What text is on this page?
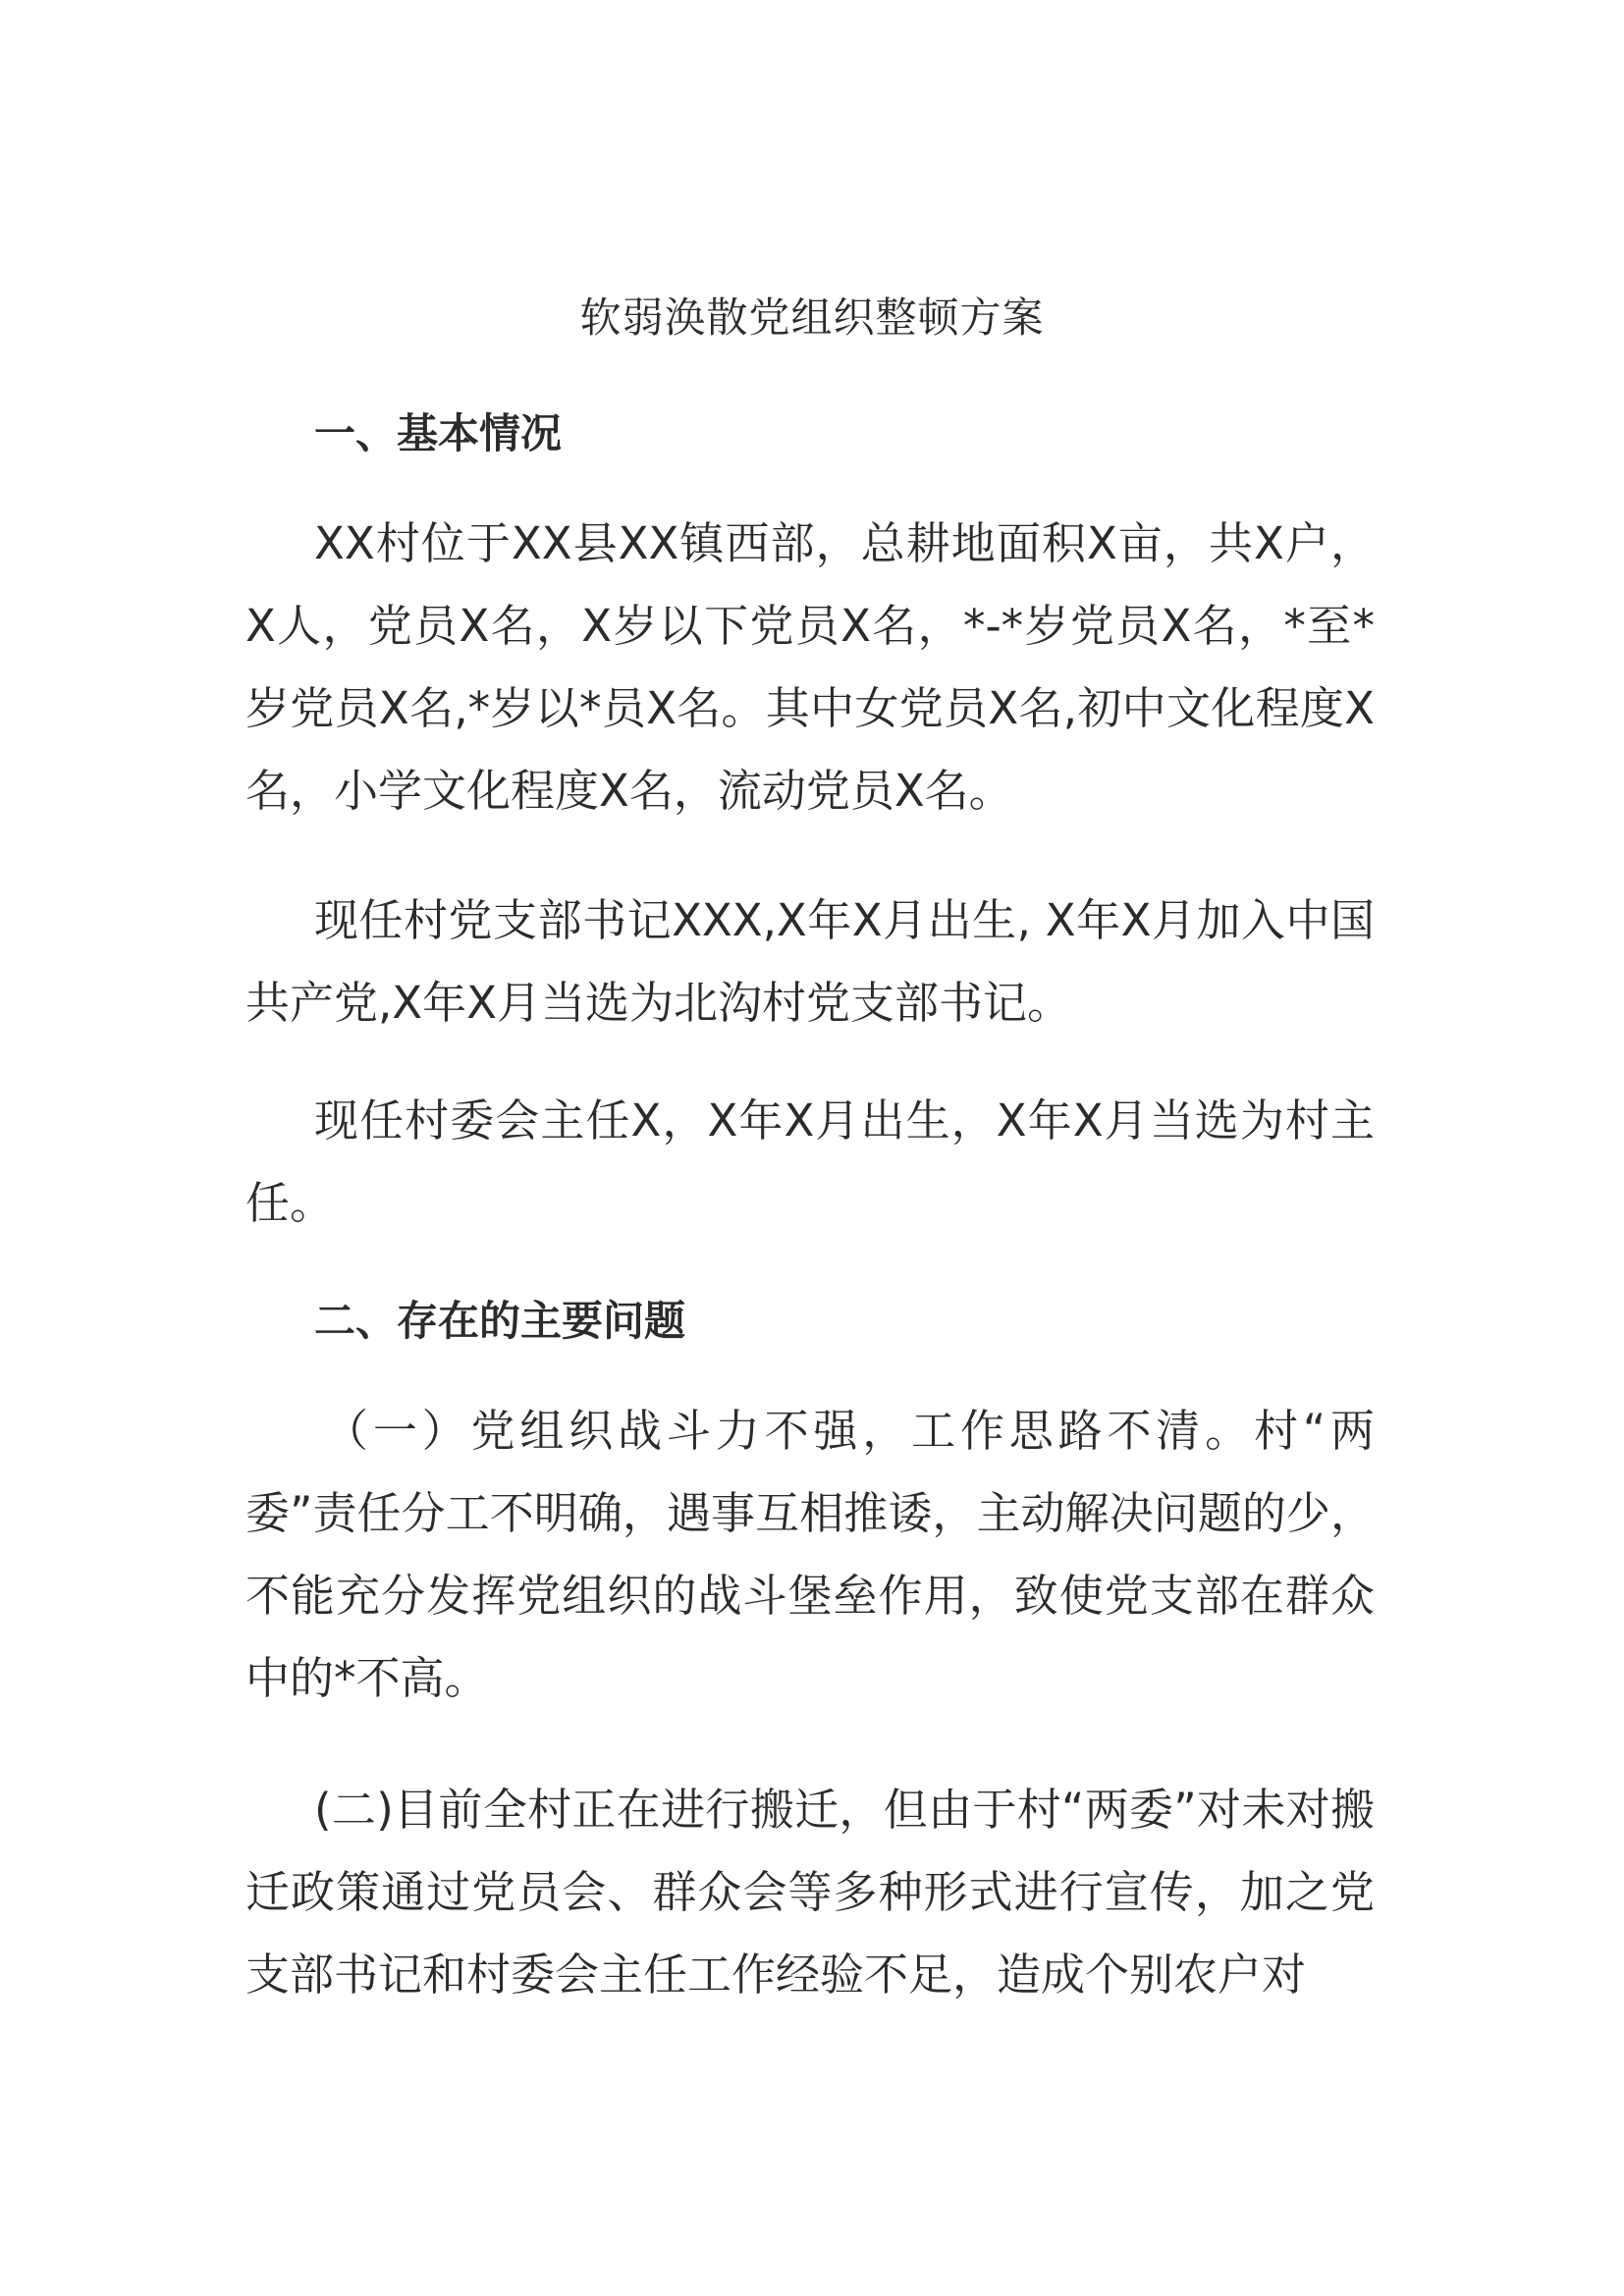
软弱涣散党组织整顿方案
一、基本情况
XX村位于XX县XX镇西部，总耕地面积X亩，共X户，X人，党员X名，X岁以下党员X名，*-*岁党员X名，*至*岁党员X名,*岁以*员X名。其中女党员X名,初中文化程度X名，小学文化程度X名，流动党员X名。
现任村党支部书记XXX,X年X月出生, X年X月加入中国共产党,X年X月当选为北沟村党支部书记。
现任村委会主任X，X年X月出生，X年X月当选为村主任。
二、存在的主要问题
（一）党组织战斗力不强，工作思路不清。村“两委”责任分工不明确，遇事互相推诿，主动解决问题的少，不能充分发挥党组织的战斗堡垒作用，致使党支部在群众中的*不高。
(二)目前全村正在进行搬迁，但由于村“两委”对未对搬迁政策通过党员会、群众会等多种形式进行宣传，加之党支部书记和村委会主任工作经验不足，造成个别农户对
